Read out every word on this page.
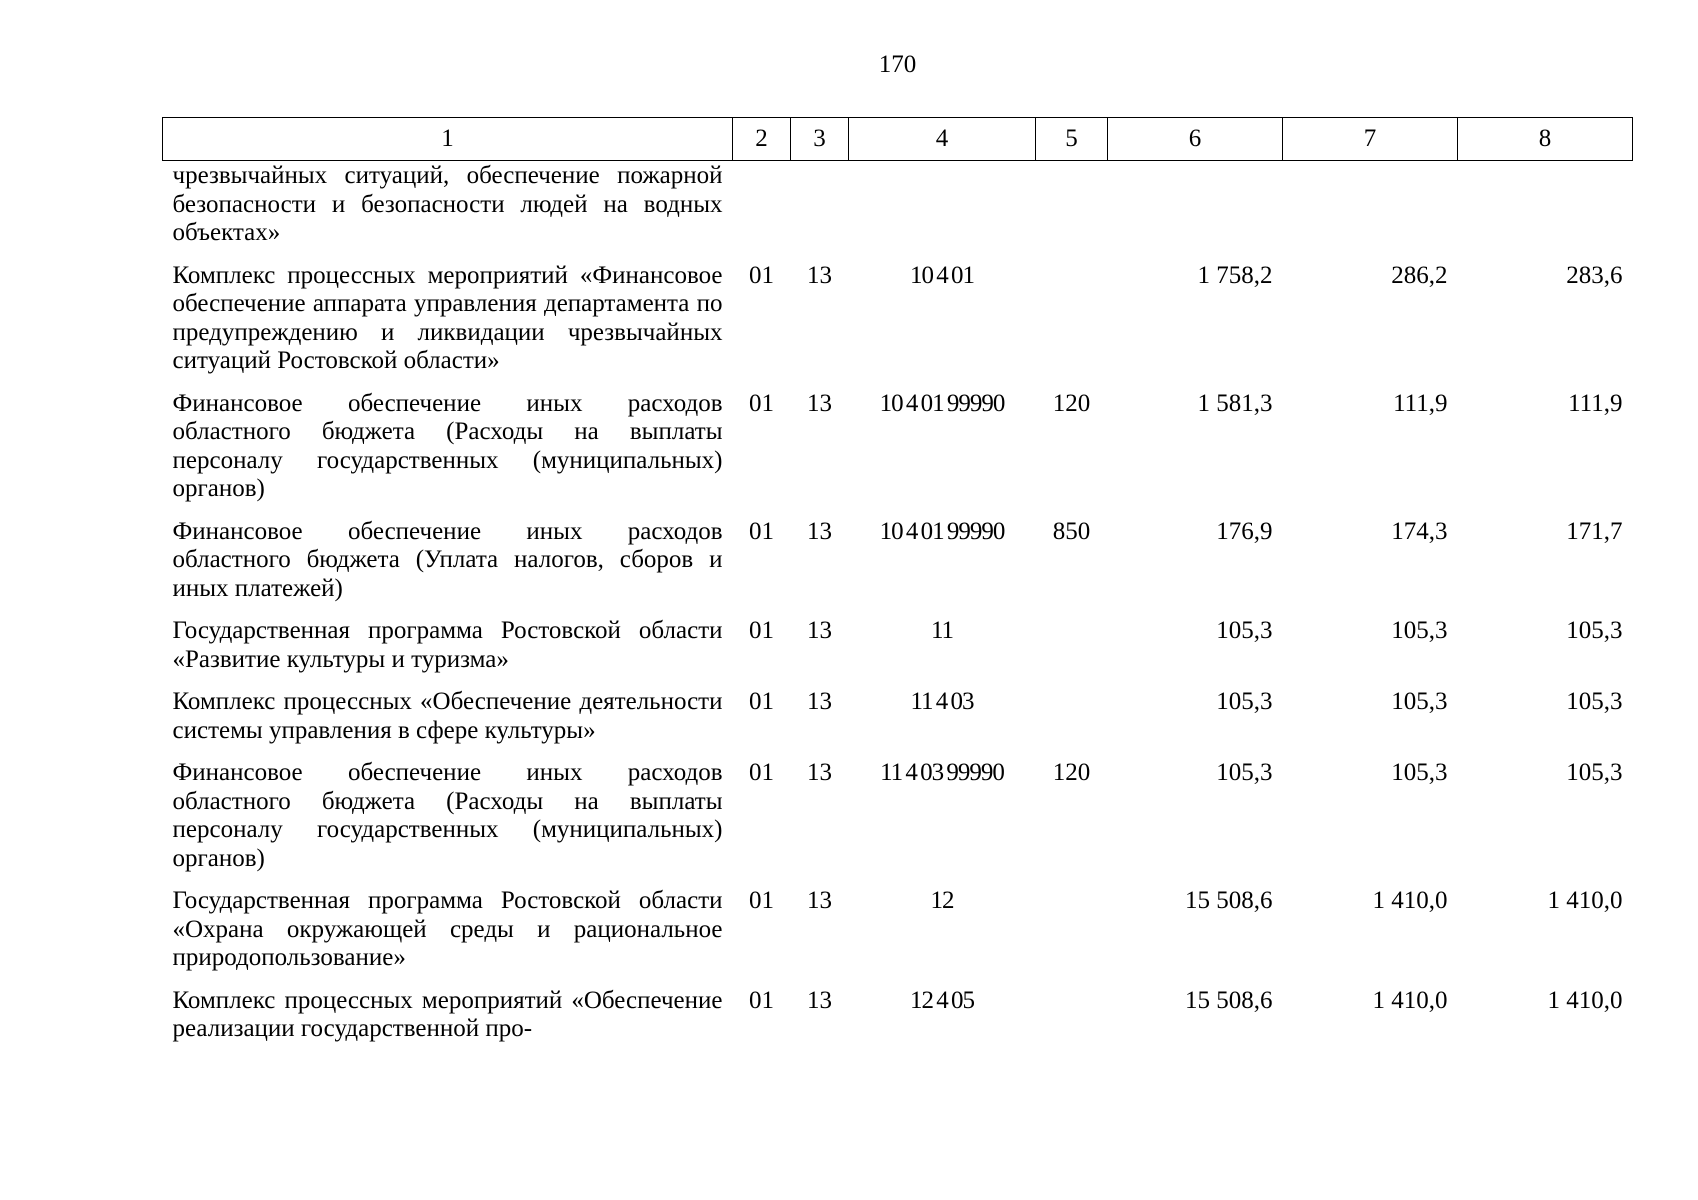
170
1	2	3	4	5	6	7	8
чрезвычайных ситуаций, обеспечение пожарной безопасности и безопасности людей на водных объектах»							
Комплекс процессных мероприятий «Финансовое обеспечение аппарата управления департамента по предупреждению и ликвидации чрезвычайных ситуаций Ростовской области»	01	13	10 4 01		1 758,2	286,2	283,6
Финансовое обеспечение иных расходов областного бюджета (Расходы на выплаты персоналу государственных (муниципальных) органов)	01	13	10 4 01 99990	120	1 581,3	111,9	111,9
Финансовое обеспечение иных расходов областного бюджета (Уплата налогов, сборов и иных платежей)	01	13	10 4 01 99990	850	176,9	174,3	171,7
Государственная программа Ростовской области «Развитие культуры и туризма»	01	13	11		105,3	105,3	105,3
Комплекс процессных «Обеспечение деятельности системы управления в сфере культуры»	01	13	11 4 03		105,3	105,3	105,3
Финансовое обеспечение иных расходов областного бюджета (Расходы на выплаты персоналу государственных (муниципальных) органов)	01	13	11 4 03 99990	120	105,3	105,3	105,3
Государственная программа Ростовской области «Охрана окружающей среды и рациональное природопользование»	01	13	12		15 508,6	1 410,0	1 410,0
Комплекс процессных мероприятий «Обеспечение реализации государственной про-	01	13	12 4 05		15 508,6	1 410,0	1 410,0
